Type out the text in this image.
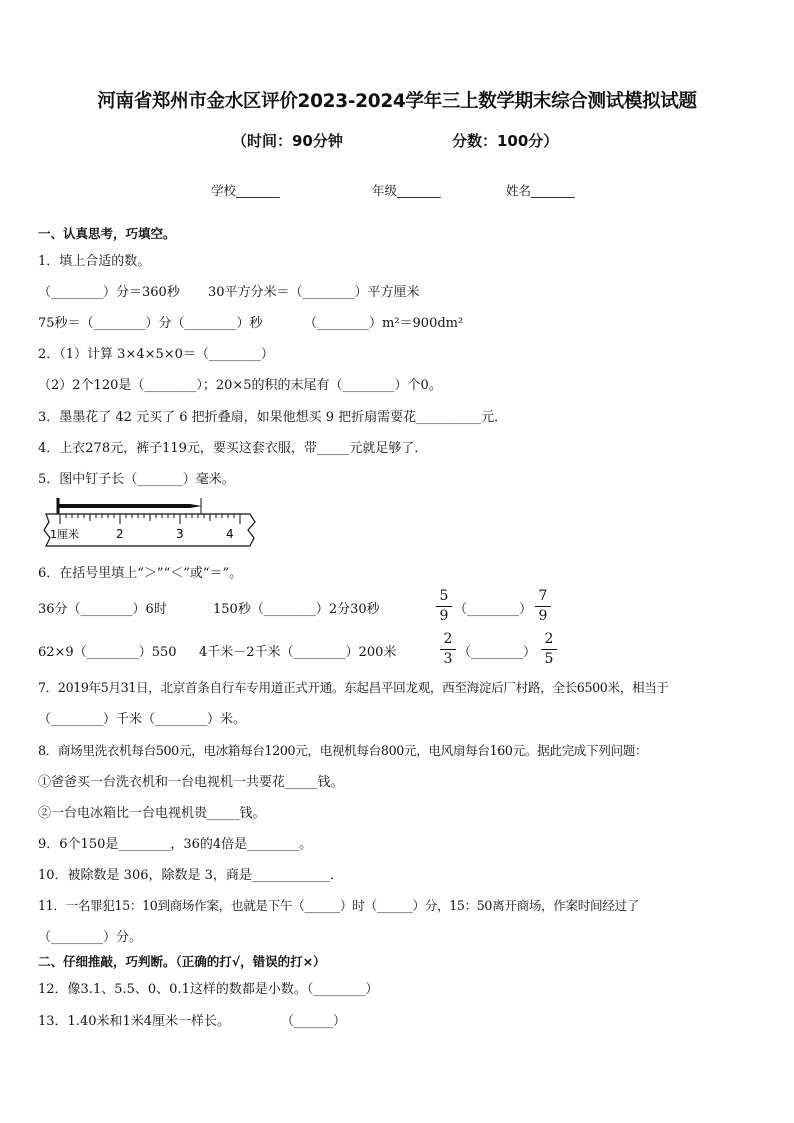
河南省郑州市金水区评价2023-2024学年三上数学期末综合测试模拟试题
（时间：90分钟	分数：100分）
学校_______	年级_______	姓名_______
一、认真思考，巧填空。
1．填上合适的数。
（________）分＝360秒 30平方分米＝（________）平方厘米
75秒＝（________）分（________）秒	（________）m²＝900dm²
2．（1）计算 3×4×5×0＝（________）
（2）2个120是（________）；20×5的积的末尾有（________）个0。
3．墨墨花了 42 元买了 6 把折叠扇，如果他想买 9 把折扇需要花__________元．
4．上衣278元，裤子119元，要买这套衣服，带_____元就足够了．
5．图中钉子长（_______）毫米。
1厘米	2	3	4
6．在括号里填上“＞”“＜”或“＝”。
36分（________）6时	150秒（________）2分30秒
5
9 （________）
7
9
62×9（________）550 4千米－2千米（________）200米
2
3 （________）
2
5
7．2019年5月31日，北京首条自行车专用道正式开通。东起昌平回龙观，西至海淀后厂村路，全长6500米，相当于
（________）千米（________）米。
8．商场里洗衣机每台500元，电冰箱每台1200元，电视机每台800元，电风扇每台160元。据此完成下列问题：
①爸爸买一台洗衣机和一台电视机一共要花_____钱。
②一台电冰箱比一台电视机贵_____钱。
9．6个150是________，36的4倍是________。
10．被除数是 306，除数是 3，商是____________．
11．一名罪犯15：10到商场作案，也就是下午（______）时（______）分，15：50离开商场，作案时间经过了
（________）分。
二、仔细推敲，巧判断。（正确的打√，错误的打×）
12．像3.1、5.5、0、0.1这样的数都是小数。（________）
13．1.40米和1米4厘米一样长。	（______）
